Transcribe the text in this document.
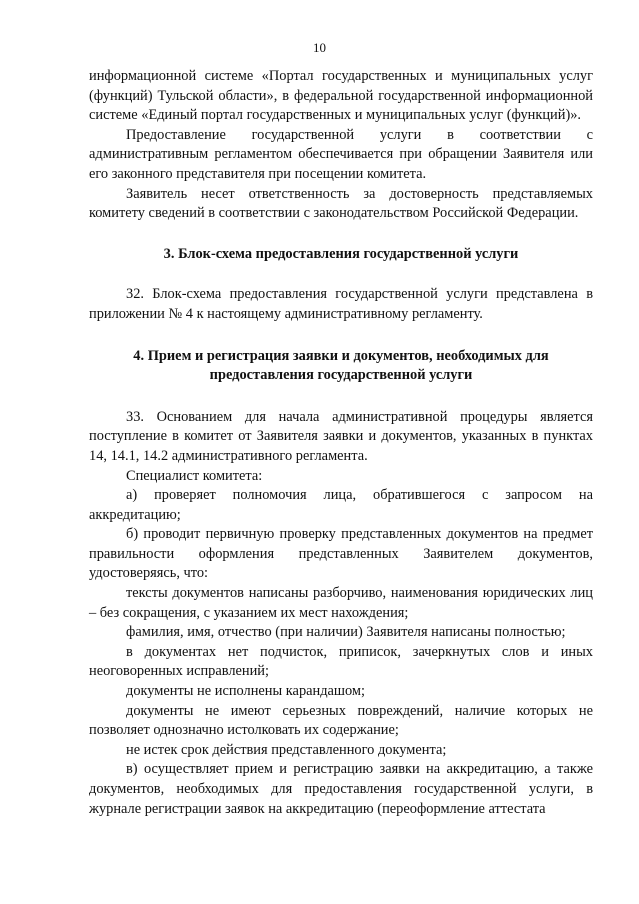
10

информационной системе «Портал государственных и муниципальных услуг (функций) Тульской области», в федеральной государственной информационной системе «Единый портал государственных и муниципальных услуг (функций)».

Предоставление государственной услуги в соответствии с административным регламентом обеспечивается при обращении Заявителя или его законного представителя при посещении комитета.

Заявитель несет ответственность за достоверность представляемых комитету сведений в соответствии с законодательством Российской Федерации.

3. Блок-схема предоставления государственной услуги

32. Блок-схема предоставления государственной услуги представлена в приложении № 4 к настоящему административному регламенту.

4. Прием и регистрация заявки и документов, необходимых для предоставления государственной услуги

33. Основанием для начала административной процедуры является поступление в комитет от Заявителя заявки и документов, указанных в пунктах 14, 14.1, 14.2 административного регламента.

Специалист комитета:

а) проверяет полномочия лица, обратившегося с запросом на аккредитацию;

б) проводит первичную проверку представленных документов на предмет правильности оформления представленных Заявителем документов, удостоверяясь, что:

тексты документов написаны разборчиво, наименования юридических лиц – без сокращения, с указанием их мест нахождения;

фамилия, имя, отчество (при наличии) Заявителя написаны полностью;

в документах нет подчисток, приписок, зачеркнутых слов и иных неоговоренных исправлений;

документы не исполнены карандашом;

документы не имеют серьезных повреждений, наличие которых не позволяет однозначно истолковать их содержание;

не истек срок действия представленного документа;

в) осуществляет прием и регистрацию заявки на аккредитацию, а также документов, необходимых для предоставления государственной услуги, в журнале регистрации заявок на аккредитацию (переоформление аттестата
